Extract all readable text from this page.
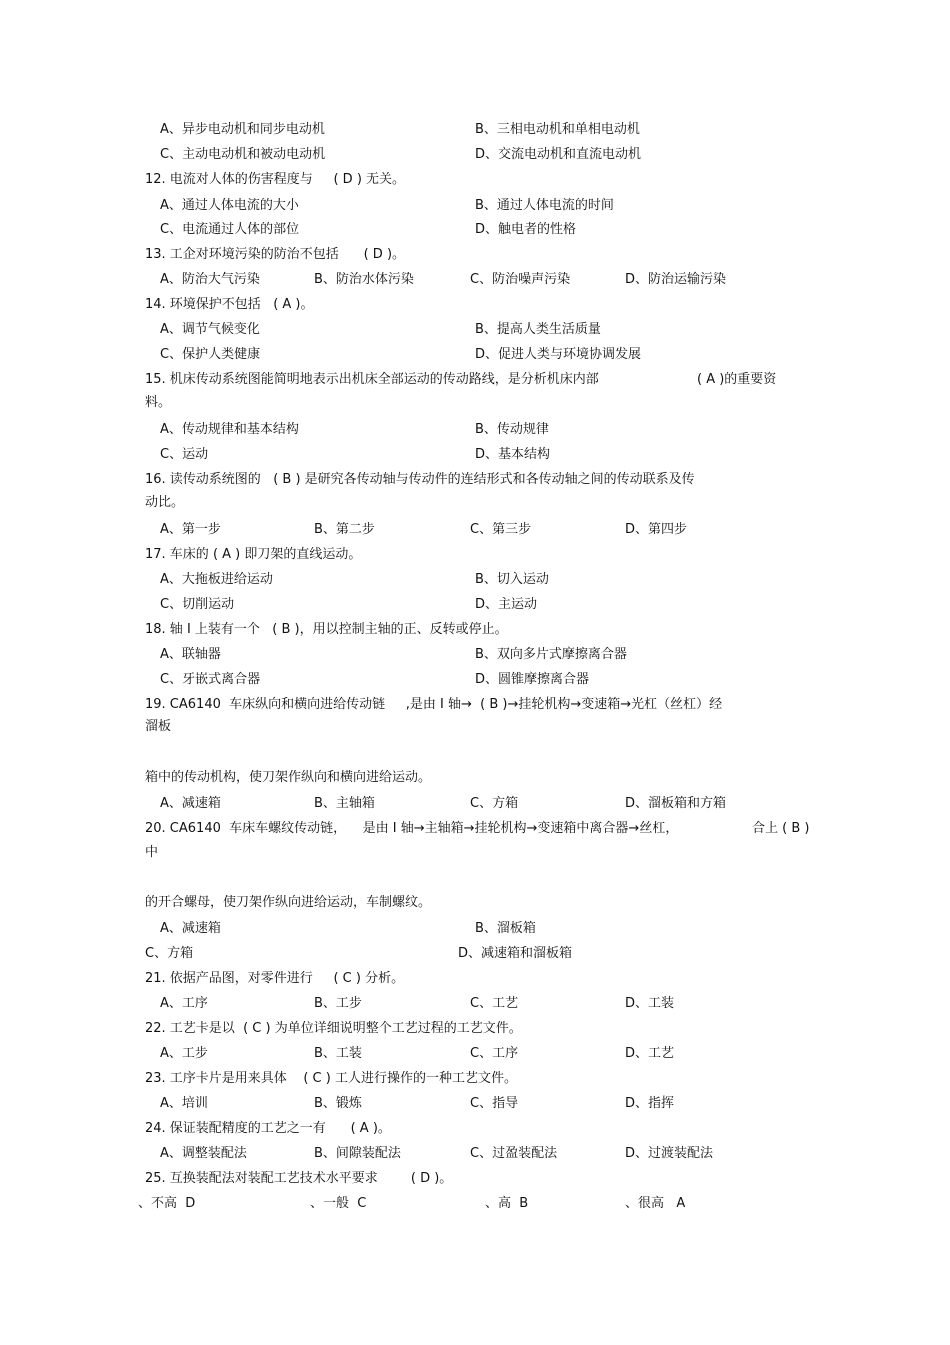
A、异步电动机和同步电动机	B、三相电动机和单相电动机
C、主动电动机和被动电动机	D、交流电动机和直流电动机
12. 电流对人体的伤害程度与     ( D ) 无关。
A、通过人体电流的大小	B、通过人体电流的时间
C、电流通过人体的部位	D、触电者的性格
13. 工企对环境污染的防治不包括      ( D )。
A、防治大气污染	B、防治水体污染	C、防治噪声污染	D、防治运输污染
14. 环境保护不包括   ( A )。
A、调节气候变化	B、提高人类生活质量
C、保护人类健康	D、促进人类与环境协调发展
15. 机床传动系统图能简明地表示出机床全部运动的传动路线，是分析机床内部	( A )的重要资
料。
A、传动规律和基本结构	B、传动规律
C、运动	D、基本结构
16. 读传动系统图的   ( B ) 是研究各传动轴与传动件的连结形式和各传动轴之间的传动联系及传
动比。
A、第一步	B、第二步	C、第三步	D、第四步
17. 车床的 ( A ) 即刀架的直线运动。
A、大拖板进给运动	B、切入运动
C、切削运动	D、主运动
18. 轴 I 上装有一个   ( B )，用以控制主轴的正、反转或停止。
A、联轴器	B、双向多片式摩擦离合器
C、牙嵌式离合器	D、圆锥摩擦离合器
19. CA6140  车床纵向和横向进给传动链     ,是由 I 轴→  ( B )→挂轮机构→变速箱→光杠（丝杠）经
溜板
箱中的传动机构，使刀架作纵向和横向进给运动。
A、减速箱	B、主轴箱	C、方箱	D、溜板箱和方箱
20. CA6140  车床车螺纹传动链，    是由 I 轴→主轴箱→挂轮机构→变速箱中离合器→丝杠，	合上 ( B )
中
的开合螺母，使刀架作纵向进给运动，车制螺纹。
A、减速箱	B、溜板箱
C、方箱	D、减速箱和溜板箱
21. 依据产品图，对零件进行     ( C ) 分析。
A、工序	B、工步	C、工艺	D、工装
22. 工艺卡是以  ( C ) 为单位详细说明整个工艺过程的工艺文件。
A、工步	B、工装	C、工序	D、工艺
23. 工序卡片是用来具体    ( C ) 工人进行操作的一种工艺文件。
A、培训	B、锻炼	C、指导	D、指挥
24. 保证装配精度的工艺之一有      ( A )。
A、调整装配法	B、间隙装配法	C、过盈装配法	D、过渡装配法
25. 互换装配法对装配工艺技术水平要求        ( D )。
、不高  D	、一般  C	、高  B	、很高   A
